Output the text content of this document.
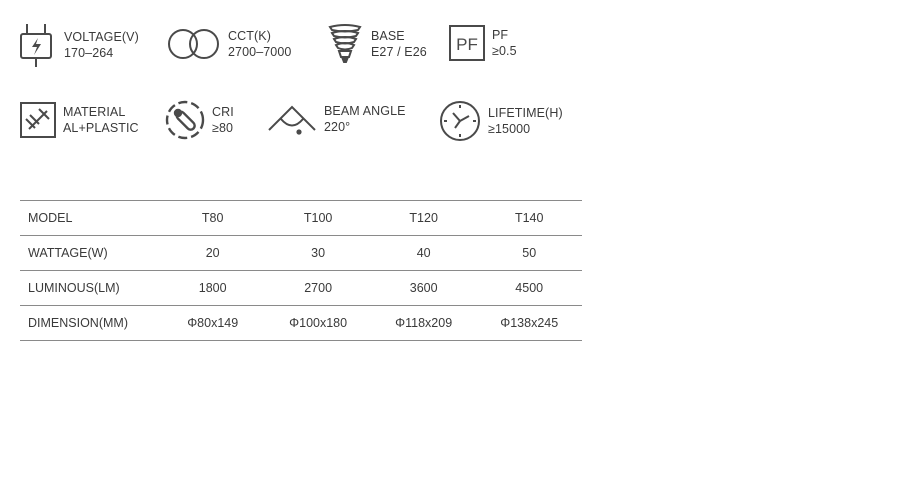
VOLTAGE(V)
170–264
CCT(K)
2700–7000
BASE
E27 / E26 PF PF
≥0.5
MATERIAL
AL+PLASTIC
CRI
≥80
BEAM ANGLE
220°
LIFETIME(H)
≥15000
MODEL	T80	T100	T120	T140
WATTAGE(W)	20	30	40	50
LUMINOUS(LM)	1800	2700	3600	4500
DIMENSION(MM)	Φ80x149	Φ100x180	Φ118x209	Φ138x245
